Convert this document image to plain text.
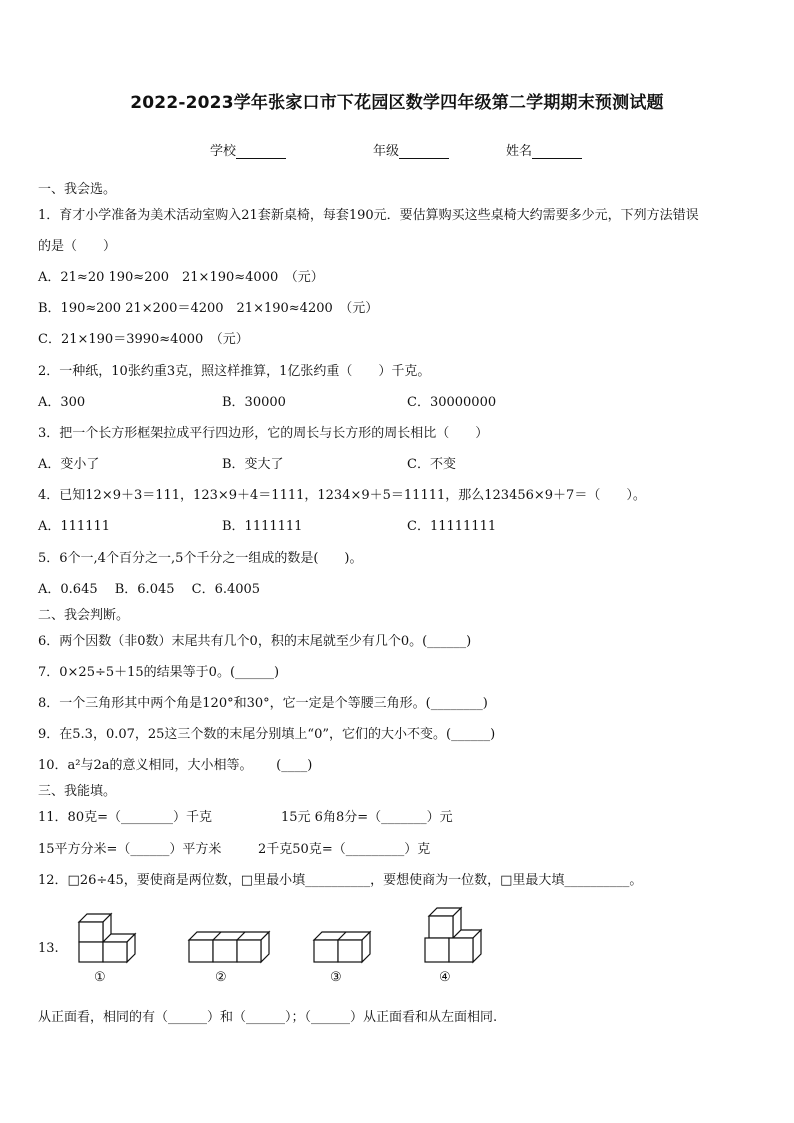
2022-2023学年张家口市下花园区数学四年级第二学期期末预测试题
学校	年级	姓名
一、我会选。
1．育才小学准备为美术活动室购入21套新桌椅，每套190元．要估算购买这些桌椅大约需要多少元，下列方法错误
的是（　　）
A．21≈20 190≈200　21×190≈4000　（元）
B．190≈200 21×200＝4200　21×190≈4200　（元）
C．21×190＝3990≈4000　（元）
2．一种纸，10张约重3克，照这样推算，1亿张约重（　　）千克。
A．300	B．30000	C．30000000
3．把一个长方形框架拉成平行四边形，它的周长与长方形的周长相比（　　）
A．变小了	B．变大了	C．不变
4．已知12×9＋3＝111，123×9＋4＝1111，1234×9＋5＝11111，那么123456×9＋7＝（　　）。
A．111111	B．1111111	C．11111111
5．6个一,4个百分之一,5个千分之一组成的数是(　　)。
A．0.645　 B．6.045　 C．6.4005
二、我会判断。
6．两个因数（非0数）末尾共有几个0，积的末尾就至少有几个0。(______)
7．0×25÷5＋15的结果等于0。(______)
8．一个三角形其中两个角是120°和30°，它一定是个等腰三角形。(________)
9．在5.3，0.07，25这三个数的末尾分别填上“0”，它们的大小不变。(______)
10．a²与2a的意义相同，大小相等。　　 (____)
三、我能填。
11．80克=（________）千克	15元 6角8分=（_______）元
15平方分米=（______）平方米	2千克50克=（_________）克
12．□26÷45，要使商是两位数，□里最小填__________，要想使商为一位数，□里最大填__________。
13.
①	②	③	④
从正面看，相同的有（______）和（______）；（______）从正面看和从左面相同.
